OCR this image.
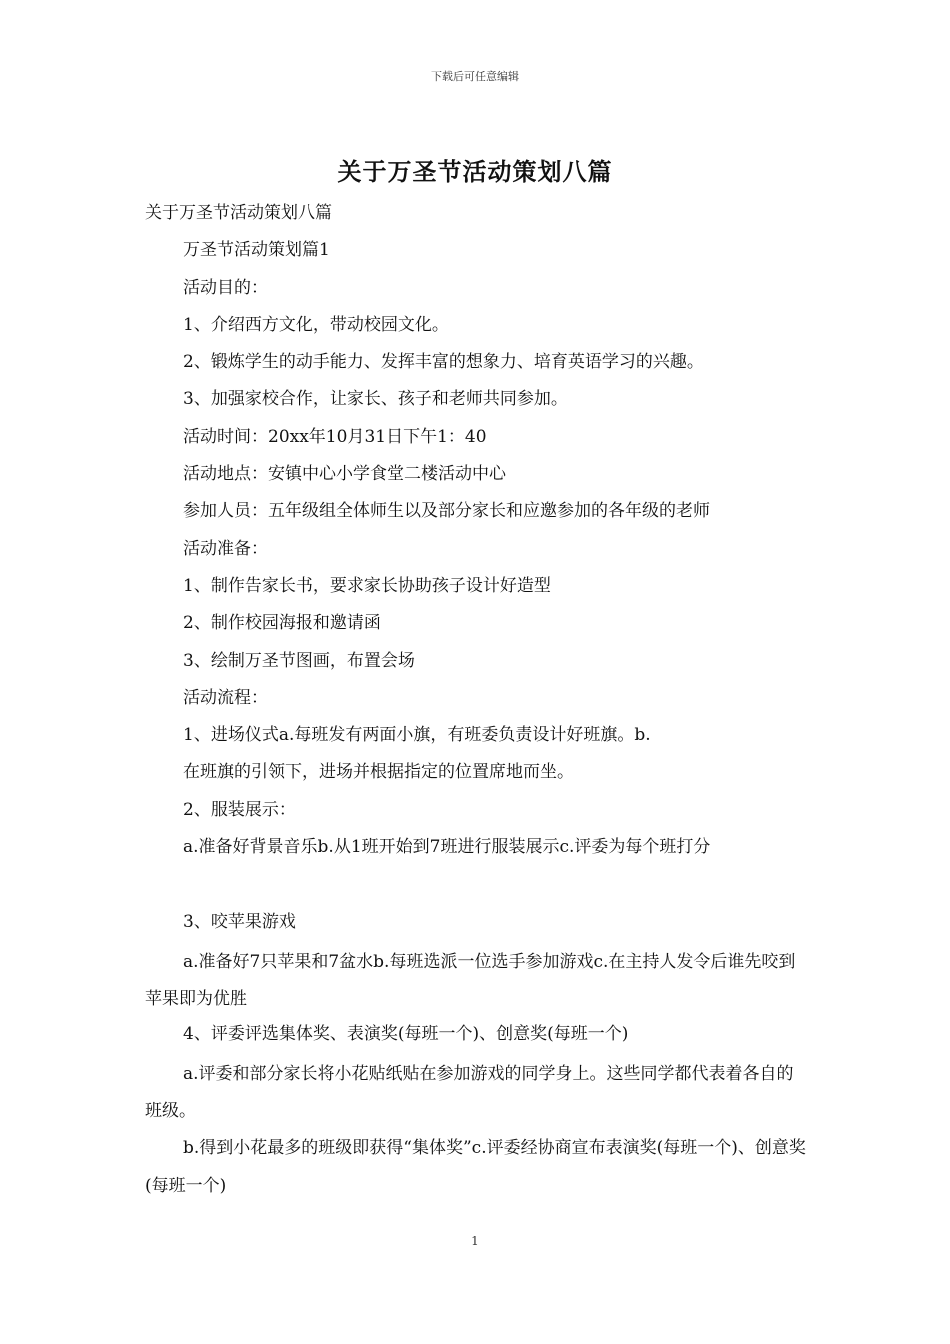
下载后可任意编辑
关于万圣节活动策划八篇
关于万圣节活动策划八篇
万圣节活动策划篇1
活动目的：
1、介绍西方文化，带动校园文化。
2、锻炼学生的动手能力、发挥丰富的想象力、培育英语学习的兴趣。
3、加强家校合作，让家长、孩子和老师共同参加。
活动时间：20xx年10月31日下午1：40
活动地点：安镇中心小学食堂二楼活动中心
参加人员：五年级组全体师生以及部分家长和应邀参加的各年级的老师
活动准备：
1、制作告家长书，要求家长协助孩子设计好造型
2、制作校园海报和邀请函
3、绘制万圣节图画，布置会场
活动流程：
1、进场仪式a.每班发有两面小旗，有班委负责设计好班旗。b.
在班旗的引领下，进场并根据指定的位置席地而坐。
2、服装展示：
a.准备好背景音乐b.从1班开始到7班进行服装展示c.评委为每个班打分
3、咬苹果游戏
a.准备好7只苹果和7盆水b.每班选派一位选手参加游戏c.在主持人发令后谁先咬到苹果即为优胜
4、评委评选集体奖、表演奖(每班一个)、创意奖(每班一个)
a.评委和部分家长将小花贴纸贴在参加游戏的同学身上。这些同学都代表着各自的班级。
b.得到小花最多的班级即获得“集体奖”c.评委经协商宣布表演奖(每班一个)、创意奖(每班一个)
1
